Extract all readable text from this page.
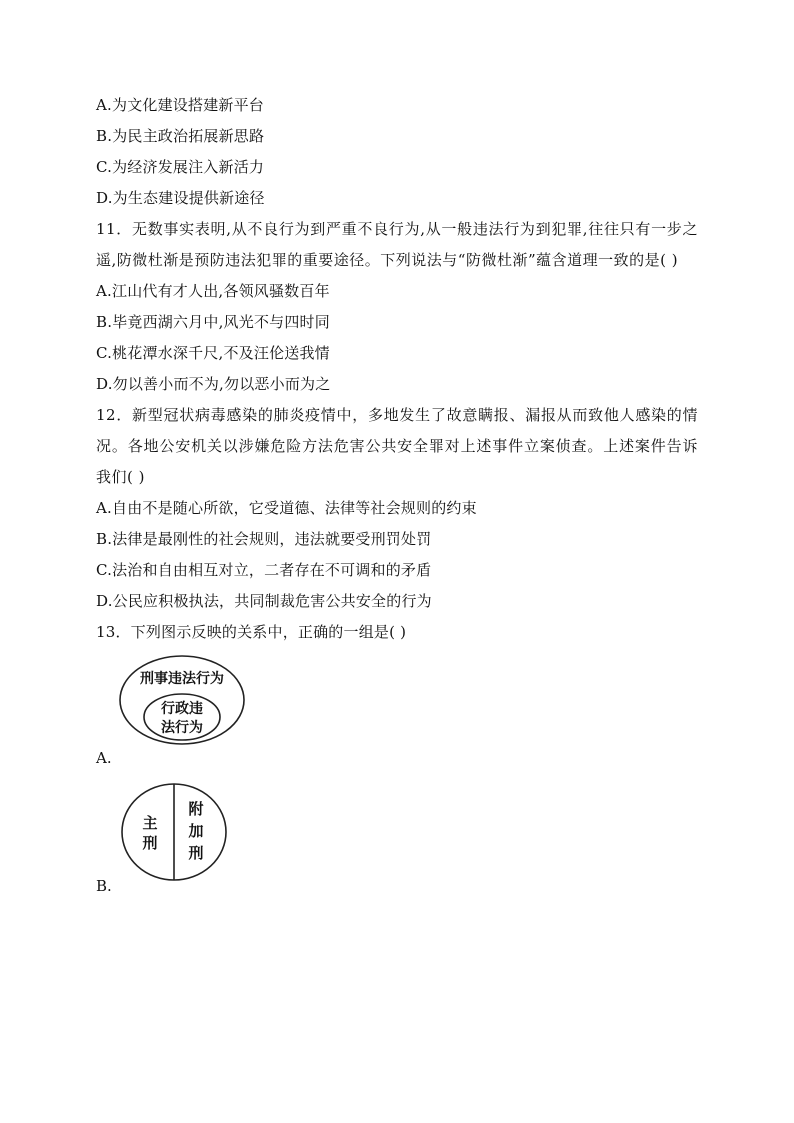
A.为文化建设搭建新平台
B.为民主政治拓展新思路
C.为经济发展注入新活力
D.为生态建设提供新途径
11．无数事实表明,从不良行为到严重不良行为,从一般违法行为到犯罪,往往只有一步之遥,防微杜渐是预防违法犯罪的重要途径。下列说法与“防微杜渐”蕴含道理一致的是( )
A.江山代有才人出,各领风骚数百年
B.毕竟西湖六月中,风光不与四时同
C.桃花潭水深千尺,不及汪伦送我情
D.勿以善小而不为,勿以恶小而为之
12．新型冠状病毒感染的肺炎疫情中，多地发生了故意瞒报、漏报从而致他人感染的情况。各地公安机关以涉嫌危险方法危害公共安全罪对上述事件立案侦查。上述案件告诉我们( )
A.自由不是随心所欲，它受道德、法律等社会规则的约束
B.法律是最刚性的社会规则，违法就要受刑罚处罚
C.法治和自由相互对立，二者存在不可调和的矛盾
D.公民应积极执法，共同制裁危害公共安全的行为
13．下列图示反映的关系中，正确的一组是( )
刑事违法行为
行政违
法行为
A.
主
刑
附
加
刑
B.
